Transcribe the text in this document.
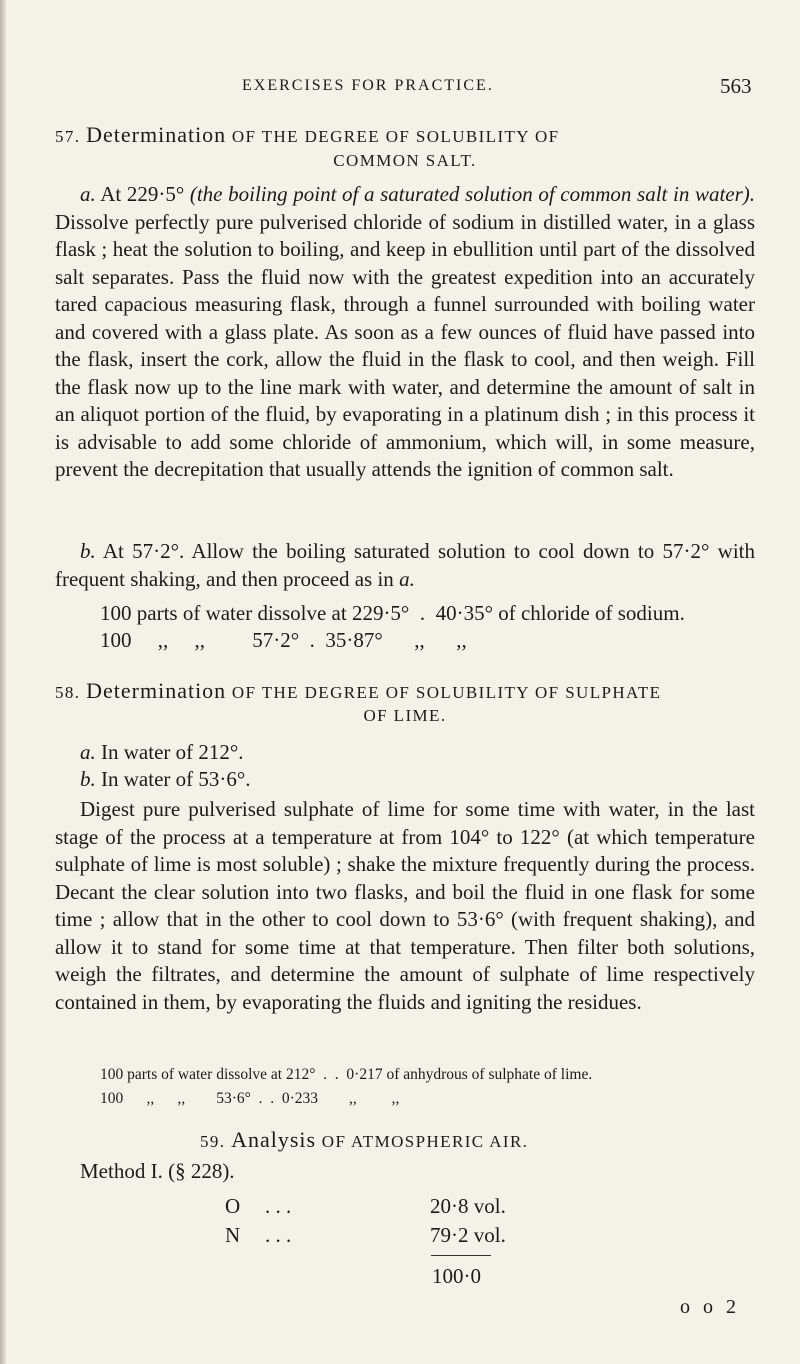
EXERCISES FOR PRACTICE.	563
57. Determination OF THE DEGREE OF SOLUBILITY OF
COMMON SALT.

a. At 229·5° (the boiling point of a saturated solution of common salt in water). Dissolve perfectly pure pulverised chloride of sodium in distilled water, in a glass flask ; heat the solution to boiling, and keep in ebullition until part of the dissolved salt separates. Pass the fluid now with the greatest expedition into an accurately tared capacious measuring flask, through a funnel surrounded with boiling water and covered with a glass plate. As soon as a few ounces of fluid have passed into the flask, insert the cork, allow the fluid in the flask to cool, and then weigh. Fill the flask now up to the line mark with water, and determine the amount of salt in an aliquot portion of the fluid, by evaporating in a platinum dish ; in this process it is advisable to add some chloride of ammonium, which will, in some measure, prevent the decrepitation that usually attends the ignition of common salt.

b. At 57·2°. Allow the boiling saturated solution to cool down to 57·2° with frequent shaking, and then proceed as in a.

100 parts of water dissolve at 229·5°  .  40·35° of chloride of sodium.
100     ,,     ,,         57·2°  .  35·87°      ,,      ,,
58. Determination OF THE DEGREE OF SOLUBILITY OF SULPHATE
OF LIME.
a. In water of 212°.
b. In water of 53·6°.

Digest pure pulverised sulphate of lime for some time with water, in the last stage of the process at a temperature at from 104° to 122° (at which temperature sulphate of lime is most soluble) ; shake the mixture frequently during the process. Decant the clear solution into two flasks, and boil the fluid in one flask for some time ; allow that in the other to cool down to 53·6° (with frequent shaking), and allow it to stand for some time at that temperature. Then filter both solutions, weigh the filtrates, and determine the amount of sulphate of lime respectively contained in them, by evaporating the fluids and igniting the residues.

100 parts of water dissolve at 212°  .  .  0·217 of anhydrous of sulphate of lime.
100      ,,      ,,        53·6°  .  .  0·233        ,,         ,,
59. Analysis OF ATMOSPHERIC AIR.
Method I. (§ 228).
O . . .	20·8 vol.
N . . .	79·2 vol.
100·0
o o 2
